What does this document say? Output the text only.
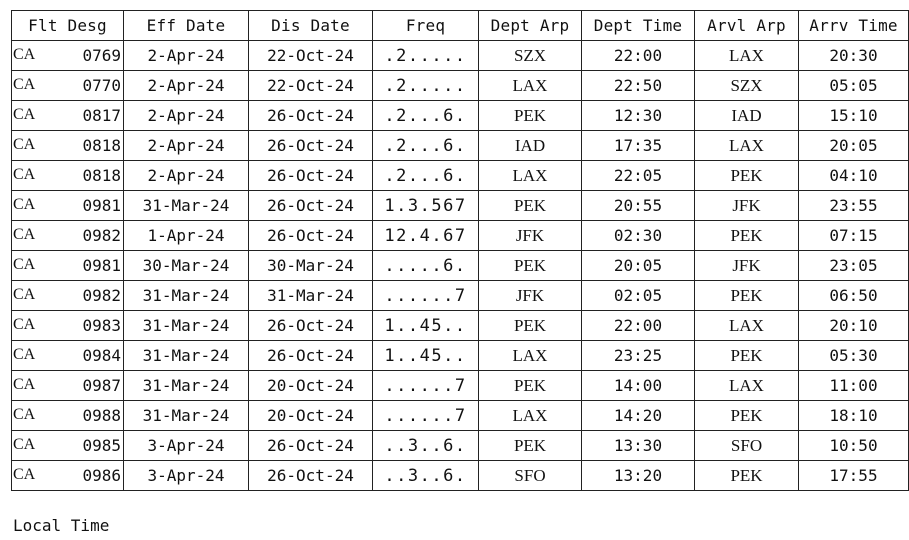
Flt Desg	Eff Date	Dis Date	Freq	Dept Arp	Dept Time	Arvl Arp	Arrv Time

CA 0769	2-Apr-24	22-Oct-24	.2.....	SZX	22:00	LAX	20:30

CA 0770	2-Apr-24	22-Oct-24	.2.....	LAX	22:50	SZX	05:05

CA 0817	2-Apr-24	26-Oct-24	.2...6.	PEK	12:30	IAD	15:10

CA 0818	2-Apr-24	26-Oct-24	.2...6.	IAD	17:35	LAX	20:05

CA 0818	2-Apr-24	26-Oct-24	.2...6.	LAX	22:05	PEK	04:10

CA 0981	31-Mar-24	26-Oct-24	1.3.567	PEK	20:55	JFK	23:55

CA 0982	1-Apr-24	26-Oct-24	12.4.67	JFK	02:30	PEK	07:15

CA 0981	30-Mar-24	30-Mar-24	.....6.	PEK	20:05	JFK	23:05

CA 0982	31-Mar-24	31-Mar-24	......7	JFK	02:05	PEK	06:50

CA 0983	31-Mar-24	26-Oct-24	1..45..	PEK	22:00	LAX	20:10

CA 0984	31-Mar-24	26-Oct-24	1..45..	LAX	23:25	PEK	05:30

CA 0987	31-Mar-24	20-Oct-24	......7	PEK	14:00	LAX	11:00

CA 0988	31-Mar-24	20-Oct-24	......7	LAX	14:20	PEK	18:10

CA 0985	3-Apr-24	26-Oct-24	..3..6.	PEK	13:30	SFO	10:50

CA 0986	3-Apr-24	26-Oct-24	..3..6.	SFO	13:20	PEK	17:55
Local Time
